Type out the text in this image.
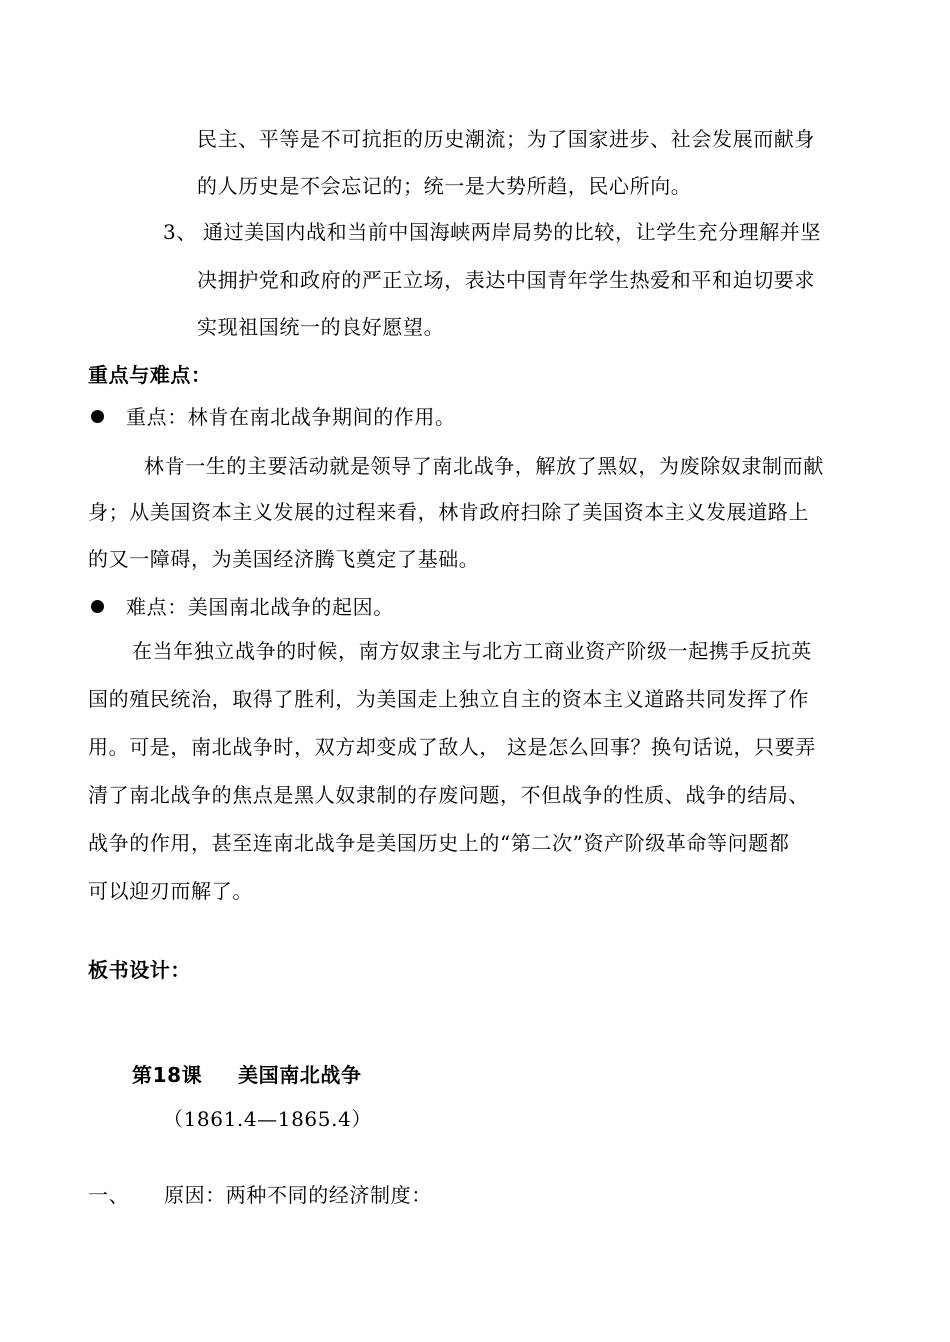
民主、平等是不可抗拒的历史潮流；为了国家进步、社会发展而献身
的人历史是不会忘记的；统一是大势所趋，民心所向。
3、 通过美国内战和当前中国海峡两岸局势的比较，让学生充分理解并坚
决拥护党和政府的严正立场，表达中国青年学生热爱和平和迫切要求
实现祖国统一的良好愿望。
重点与难点：
重点：林肯在南北战争期间的作用。
林肯一生的主要活动就是领导了南北战争，解放了黑奴，为废除奴隶制而献
身；从美国资本主义发展的过程来看，林肯政府扫除了美国资本主义发展道路上
的又一障碍，为美国经济腾飞奠定了基础。
难点：美国南北战争的起因。
在当年独立战争的时候，南方奴隶主与北方工商业资产阶级一起携手反抗英
国的殖民统治，取得了胜利，为美国走上独立自主的资本主义道路共同发挥了作
用。可是，南北战争时，双方却变成了敌人， 这是怎么回事？换句话说，只要弄
清了南北战争的焦点是黑人奴隶制的存废问题，不但战争的性质、战争的结局、
战争的作用，甚至连南北战争是美国历史上的“第二次”资产阶级革命等问题都
可以迎刃而解了。
板书设计：
第18课 美国南北战争
（1861.4—1865.4）
一、 原因：两种不同的经济制度：
